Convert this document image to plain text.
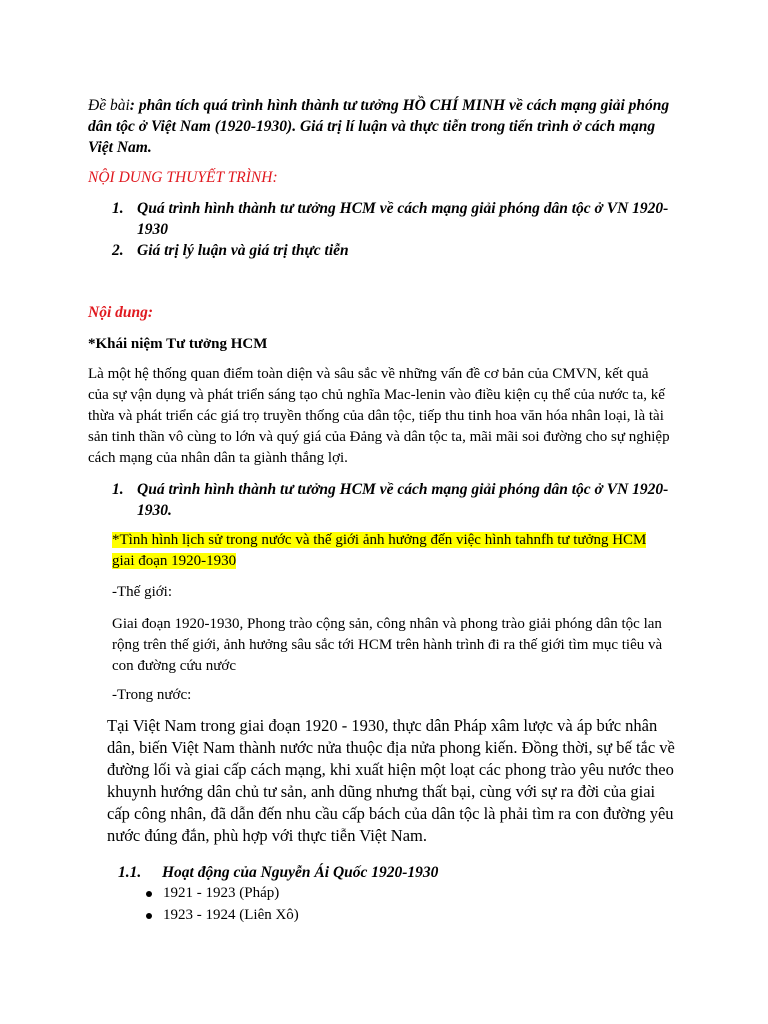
Đề bài: phân tích quá trình hình thành tư tưởng HỒ CHÍ MINH về cách mạng giải phóng dân tộc ở Việt Nam (1920-1930). Giá trị lí luận và thực tiễn trong tiến trình ở cách mạng Việt Nam.

NỘI DUNG THUYẾT TRÌNH:

1. Quá trình hình thành tư tưởng HCM về cách mạng giải phóng dân tộc ở VN 1920-1930
2. Giá trị lý luận và giá trị thực tiễn

Nội dung:

*Khái niệm Tư tưởng HCM

Là một hệ thống quan điểm toàn diện và sâu sắc về những vấn đề cơ bản của CMVN, kết quả của sự vận dụng và phát triển sáng tạo chủ nghĩa Mac-lenin vào điều kiện cụ thể của nước ta, kế thừa và phát triển các giá trọ truyền thống của dân tộc, tiếp thu tinh hoa văn hóa nhân loại, là tài sản tinh thần vô cùng to lớn và quý giá của Đảng và dân tộc ta, mãi mãi soi đường cho sự nghiệp cách mạng của nhân dân ta giành thắng lợi.

1. Quá trình hình thành tư tưởng HCM về cách mạng giải phóng dân tộc ở VN 1920-1930.

*Tình hình lịch sử trong nước và thế giới ảnh hưởng đến việc hình tahnfh tư tưởng HCM giai đoạn 1920-1930

-Thế giới:

Giai đoạn 1920-1930, Phong trào cộng sản, công nhân và phong trào giải phóng dân tộc lan rộng trên thế giới, ảnh hưởng sâu sắc tới HCM trên hành trình đi ra thế giới tìm mục tiêu và con đường cứu nước

-Trong nước:

Tại Việt Nam trong giai đoạn 1920 - 1930, thực dân Pháp xâm lược và áp bức nhân dân, biến Việt Nam thành nước nửa thuộc địa nửa phong kiến. Đồng thời, sự bế tắc về đường lối và giai cấp cách mạng, khi xuất hiện một loạt các phong trào yêu nước theo khuynh hướng dân chủ tư sản, anh dũng nhưng thất bại, cùng với sự ra đời của giai cấp công nhân, đã dẫn đến nhu cầu cấp bách của dân tộc là phải tìm ra con đường yêu nước đúng đắn, phù hợp với thực tiễn Việt Nam.

1.1. Hoạt động của Nguyễn Ái Quốc 1920-1930
1921 - 1923 (Pháp)
1923 - 1924 (Liên Xô)
